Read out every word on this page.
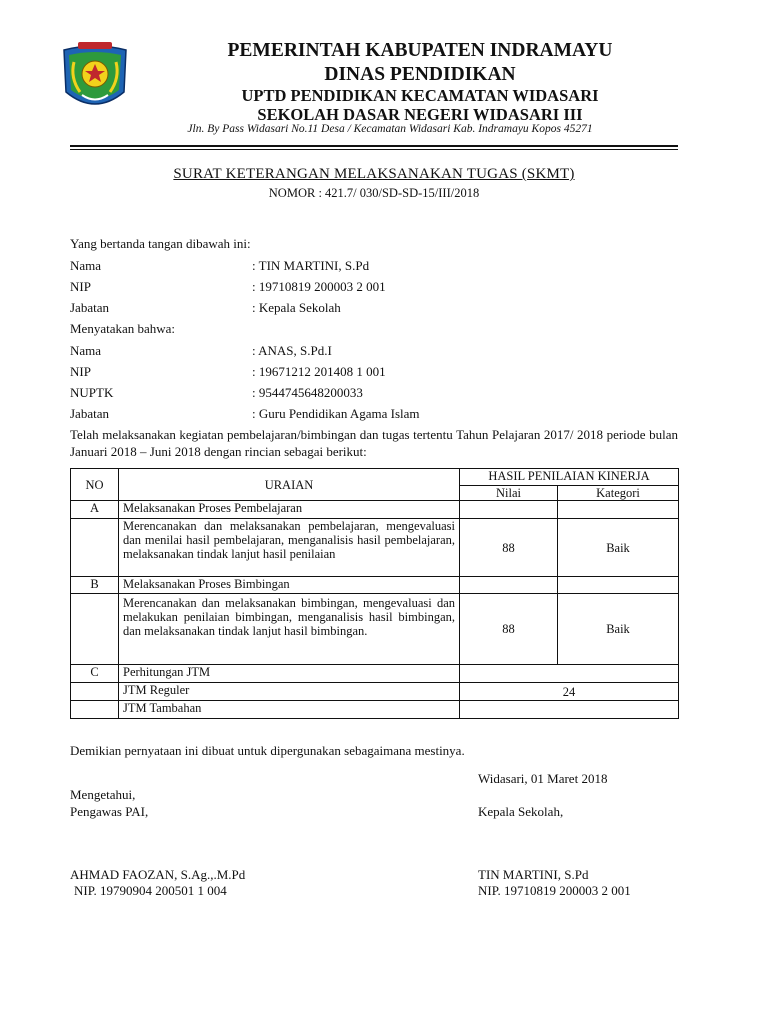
PEMERINTAH KABUPATEN INDRAMAYU
DINAS PENDIDIKAN
UPTD PENDIDIKAN KECAMATAN WIDASARI
SEKOLAH DASAR NEGERI WIDASARI III
Jln. By Pass Widasari No.11 Desa / Kecamatan Widasari Kab. Indramayu Kopos 45271
SURAT KETERANGAN MELAKSANAKAN TUGAS (SKMT)
NOMOR : 421.7/ 030/SD-SD-15/III/2018
Yang bertanda tangan dibawah ini:
Nama	: TIN MARTINI, S.Pd
NIP	: 19710819 200003 2 001
Jabatan	: Kepala Sekolah
Menyatakan bahwa:
Nama	: ANAS, S.Pd.I
NIP	: 19671212 201408 1 001
NUPTK	: 9544745648200033
Jabatan	: Guru Pendidikan Agama Islam
Telah melaksanakan kegiatan pembelajaran/bimbingan dan tugas tertentu Tahun Pelajaran 2017/ 2018 periode bulan Januari 2018 – Juni 2018 dengan rincian sebagai berikut:
NO	URAIAN	HASIL PENILAIAN KINERJA	
		Nilai	Kategori
A	Melaksanakan Proses Pembelajaran		
	Merencanakan dan melaksanakan pembelajaran, mengevaluasi dan menilai hasil pembelajaran, menganalisis hasil pembelajaran, melaksanakan tindak lanjut hasil penilaian	88	Baik
B	Melaksanakan Proses Bimbingan		
	Merencanakan dan melaksanakan bimbingan, mengevaluasi dan melakukan penilaian bimbingan, menganalisis hasil bimbingan, dan melaksanakan tindak lanjut hasil bimbingan.	88	Baik
C	Perhitungan JTM		
	JTM Reguler	24	
	JTM Tambahan		
Demikian pernyataan ini dibuat untuk dipergunakan sebagaimana mestinya.
Widasari, 01 Maret 2018
Mengetahui,
Pengawas PAI,	Kepala Sekolah,
AHMAD FAOZAN, S.Ag.,.M.Pd
NIP. 19790904 200501 1 004
TIN MARTINI, S.Pd
NIP. 19710819 200003 2 001
